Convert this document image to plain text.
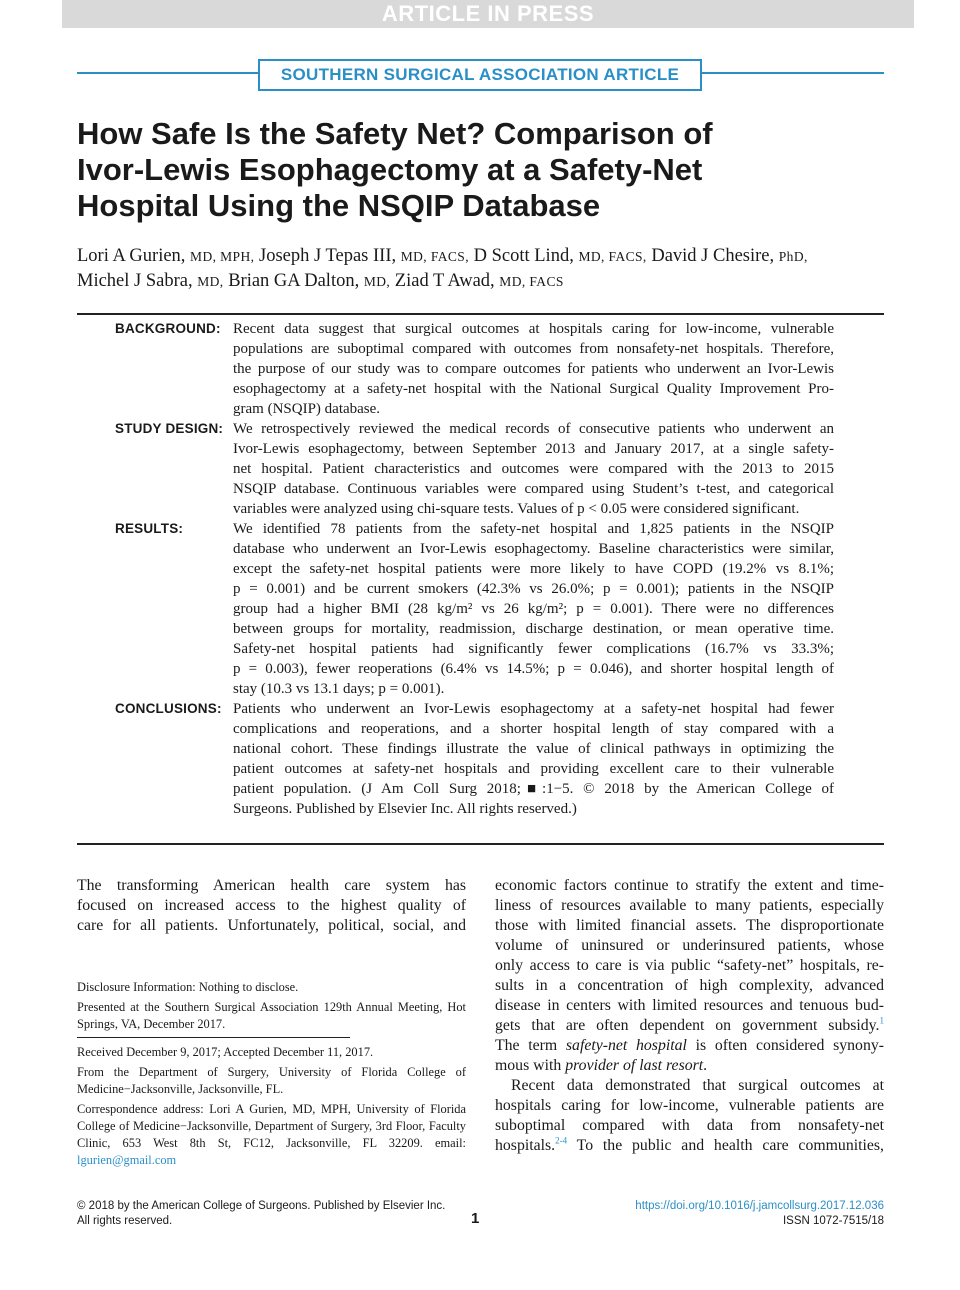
ARTICLE IN PRESS
SOUTHERN SURGICAL ASSOCIATION ARTICLE
How Safe Is the Safety Net? Comparison of
Ivor-Lewis Esophagectomy at a Safety-Net
Hospital Using the NSQIP Database
Lori A Gurien, MD, MPH, Joseph J Tepas III, MD, FACS, D Scott Lind, MD, FACS, David J Chesire, PhD,
Michel J Sabra, MD, Brian GA Dalton, MD, Ziad T Awad, MD, FACS
BACKGROUND: Recent data suggest that surgical outcomes at hospitals caring for low-income, vulnerable
populations are suboptimal compared with outcomes from nonsafety-net hospitals. Therefore,
the purpose of our study was to compare outcomes for patients who underwent an Ivor-Lewis
esophagectomy at a safety-net hospital with the National Surgical Quality Improvement Pro-
gram (NSQIP) database.
STUDY DESIGN: We retrospectively reviewed the medical records of consecutive patients who underwent an
Ivor-Lewis esophagectomy, between September 2013 and January 2017, at a single safety-
net hospital. Patient characteristics and outcomes were compared with the 2013 to 2015
NSQIP database. Continuous variables were compared using Student’s t-test, and categorical
variables were analyzed using chi-square tests. Values of p < 0.05 were considered significant.
RESULTS:	We identified 78 patients from the safety-net hospital and 1,825 patients in the NSQIP
database who underwent an Ivor-Lewis esophagectomy. Baseline characteristics were similar,
except the safety-net hospital patients were more likely to have COPD (19.2% vs 8.1%;
p = 0.001) and be current smokers (42.3% vs 26.0%; p = 0.001); patients in the NSQIP
group had a higher BMI (28 kg/m² vs 26 kg/m²; p = 0.001). There were no differences
between groups for mortality, readmission, discharge destination, or mean operative time.
Safety-net hospital patients had significantly fewer complications (16.7% vs 33.3%;
p = 0.003), fewer reoperations (6.4% vs 14.5%; p = 0.046), and shorter hospital length of
stay (10.3 vs 13.1 days; p = 0.001).
CONCLUSIONS: Patients who underwent an Ivor-Lewis esophagectomy at a safety-net hospital had fewer
complications and reoperations, and a shorter hospital length of stay compared with a
national cohort. These findings illustrate the value of clinical pathways in optimizing the
patient outcomes at safety-net hospitals and providing excellent care to their vulnerable
patient population. (J Am Coll Surg 2018;■:1−5. © 2018 by the American College of
Surgeons. Published by Elsevier Inc. All rights reserved.)
The transforming American health care system has
focused on increased access to the highest quality of
care for all patients. Unfortunately, political, social, and

Disclosure Information: Nothing to disclose.

Presented at the Southern Surgical Association 129th Annual Meeting, Hot Springs, VA, December 2017.

Received December 9, 2017; Accepted December 11, 2017.

From the Department of Surgery, University of Florida College of Medicine−Jacksonville, Jacksonville, FL.

Correspondence address: Lori A Gurien, MD, MPH, University of Florida College of Medicine−Jacksonville, Department of Surgery, 3rd Floor, Faculty Clinic, 653 West 8th St, FC12, Jacksonville, FL 32209. email: lgurien@gmail.com

economic factors continue to stratify the extent and time-
liness of resources available to many patients, especially
those with limited financial assets. The disproportionate
volume of uninsured or underinsured patients, whose
only access to care is via public “safety-net” hospitals, re-
sults in a concentration of high complexity, advanced
disease in centers with limited resources and tenuous bud-
gets that are often dependent on government subsidy.$^1$
The term safety-net hospital is often considered synony-
mous with provider of last resort.
Recent data demonstrated that surgical outcomes at
hospitals caring for low-income, vulnerable patients are
suboptimal compared with data from nonsafety-net
hospitals.$^{2-4}$ To the public and health care communities,
© 2018 by the American College of Surgeons. Published by Elsevier Inc.
All rights reserved.	1
https://doi.org/10.1016/j.jamcollsurg.2017.12.036
ISSN 1072-7515/18
